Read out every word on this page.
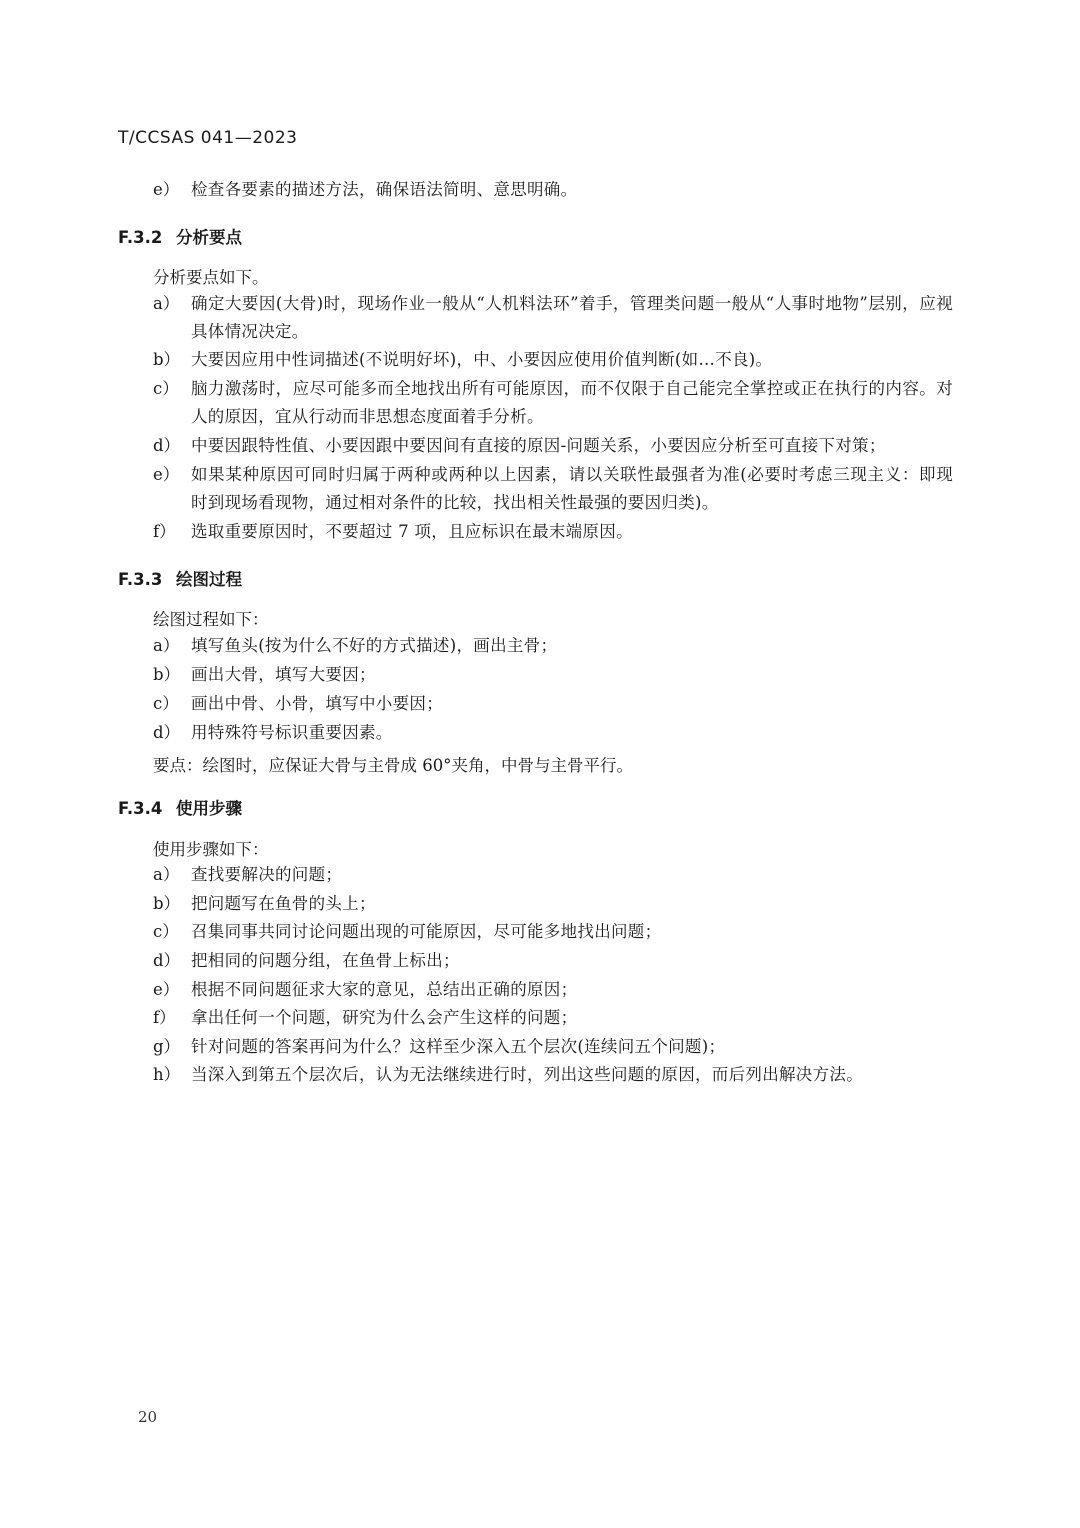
T/CCSAS 041—2023
e） 检查各要素的描述方法，确保语法简明、意思明确。
F.3.2 分析要点
分析要点如下。
a） 确定大要因(大骨)时，现场作业一般从“人机料法环”着手，管理类问题一般从“人事时地物”层别，应视具体情况决定。
b） 大要因应用中性词描述(不说明好坏)，中、小要因应使用价值判断(如…不良)。
c） 脑力激荡时，应尽可能多而全地找出所有可能原因，而不仅限于自己能完全掌控或正在执行的内容。对人的原因，宜从行动而非思想态度面着手分析。
d） 中要因跟特性值、小要因跟中要因间有直接的原因-问题关系，小要因应分析至可直接下对策；
e） 如果某种原因可同时归属于两种或两种以上因素，请以关联性最强者为准(必要时考虑三现主义：即现时到现场看现物，通过相对条件的比较，找出相关性最强的要因归类)。
f） 选取重要原因时，不要超过 7 项，且应标识在最末端原因。
F.3.3 绘图过程
绘图过程如下：
a） 填写鱼头(按为什么不好的方式描述)，画出主骨；
b） 画出大骨，填写大要因；
c） 画出中骨、小骨，填写中小要因；
d） 用特殊符号标识重要因素。
要点：绘图时，应保证大骨与主骨成 60°夹角，中骨与主骨平行。
F.3.4 使用步骤
使用步骤如下：
a） 查找要解决的问题；
b） 把问题写在鱼骨的头上；
c） 召集同事共同讨论问题出现的可能原因，尽可能多地找出问题；
d） 把相同的问题分组，在鱼骨上标出；
e） 根据不同问题征求大家的意见，总结出正确的原因；
f） 拿出任何一个问题，研究为什么会产生这样的问题；
g） 针对问题的答案再问为什么？这样至少深入五个层次(连续问五个问题)；
h） 当深入到第五个层次后，认为无法继续进行时，列出这些问题的原因，而后列出解决方法。
20
